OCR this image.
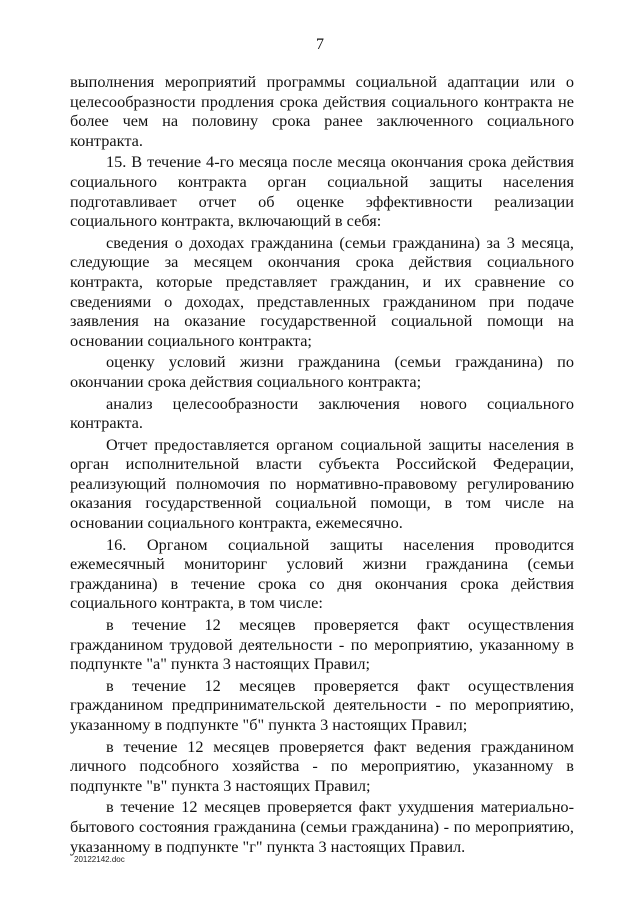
7

выполнения мероприятий программы социальной адаптации или о целесообразности продления срока действия социального контракта не более чем на половину срока ранее заключенного социального контракта.

15. В течение 4-го месяца после месяца окончания срока действия социального контракта орган социальной защиты населения подготавливает отчет об оценке эффективности реализации социального контракта, включающий в себя:

сведения о доходах гражданина (семьи гражданина) за 3 месяца, следующие за месяцем окончания срока действия социального контракта, которые представляет гражданин, и их сравнение со сведениями о доходах, представленных гражданином при подаче заявления на оказание государственной социальной помощи на основании социального контракта;

оценку условий жизни гражданина (семьи гражданина) по окончании срока действия социального контракта;

анализ целесообразности заключения нового социального контракта.

Отчет предоставляется органом социальной защиты населения в орган исполнительной власти субъекта Российской Федерации, реализующий полномочия по нормативно-правовому регулированию оказания государственной социальной помощи, в том числе на основании социального контракта, ежемесячно.

16. Органом социальной защиты населения проводится ежемесячный мониторинг условий жизни гражданина (семьи гражданина) в течение срока со дня окончания срока действия социального контракта, в том числе:

в течение 12 месяцев проверяется факт осуществления гражданином трудовой деятельности - по мероприятию, указанному в подпункте "а" пункта 3 настоящих Правил;

в течение 12 месяцев проверяется факт осуществления гражданином предпринимательской деятельности - по мероприятию, указанному в подпункте "б" пункта 3 настоящих Правил;

в течение 12 месяцев проверяется факт ведения гражданином личного подсобного хозяйства - по мероприятию, указанному в подпункте "в" пункта 3 настоящих Правил;

в течение 12 месяцев проверяется факт ухудшения материально-бытового состояния гражданина (семьи гражданина) - по мероприятию, указанному в подпункте "г" пункта 3 настоящих Правил.

20122142.doc
